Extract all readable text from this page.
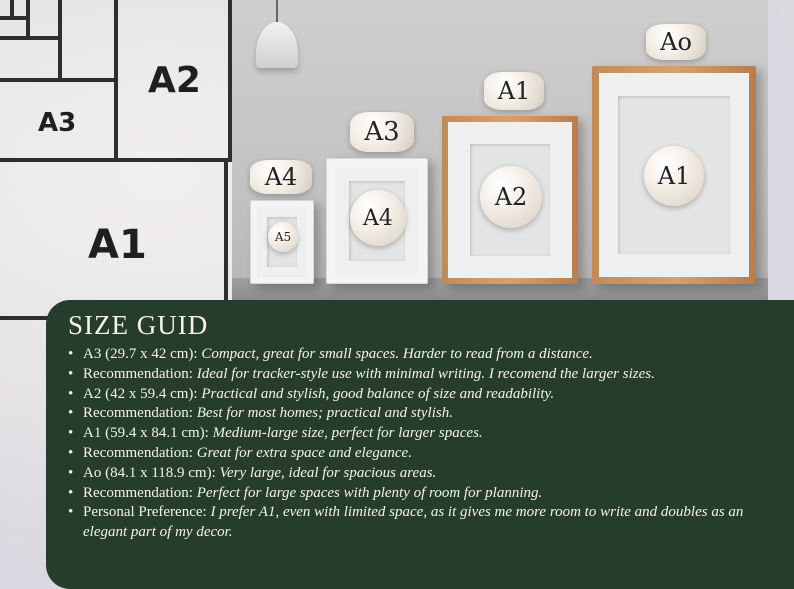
A2
A3
A1	A5
A4
A4
A3
A2
A1
A1
Ao
SIZE GUID
• A3 (29.7 x 42 cm): Compact, great for small spaces. Harder to read from a distance.
• Recommendation: Ideal for tracker-style use with minimal writing. I recomend the larger sizes.
• A2 (42 x 59.4 cm): Practical and stylish, good balance of size and readability.
• Recommendation: Best for most homes; practical and stylish.
• A1 (59.4 x 84.1 cm): Medium-large size, perfect for larger spaces.
• Recommendation: Great for extra space and elegance.
• Ao (84.1 x 118.9 cm): Very large, ideal for spacious areas.
• Recommendation: Perfect for large spaces with plenty of room for planning.
• Personal Preference: I prefer A1, even with limited space, as it gives me more room to write and doubles as an elegant part of my decor.
